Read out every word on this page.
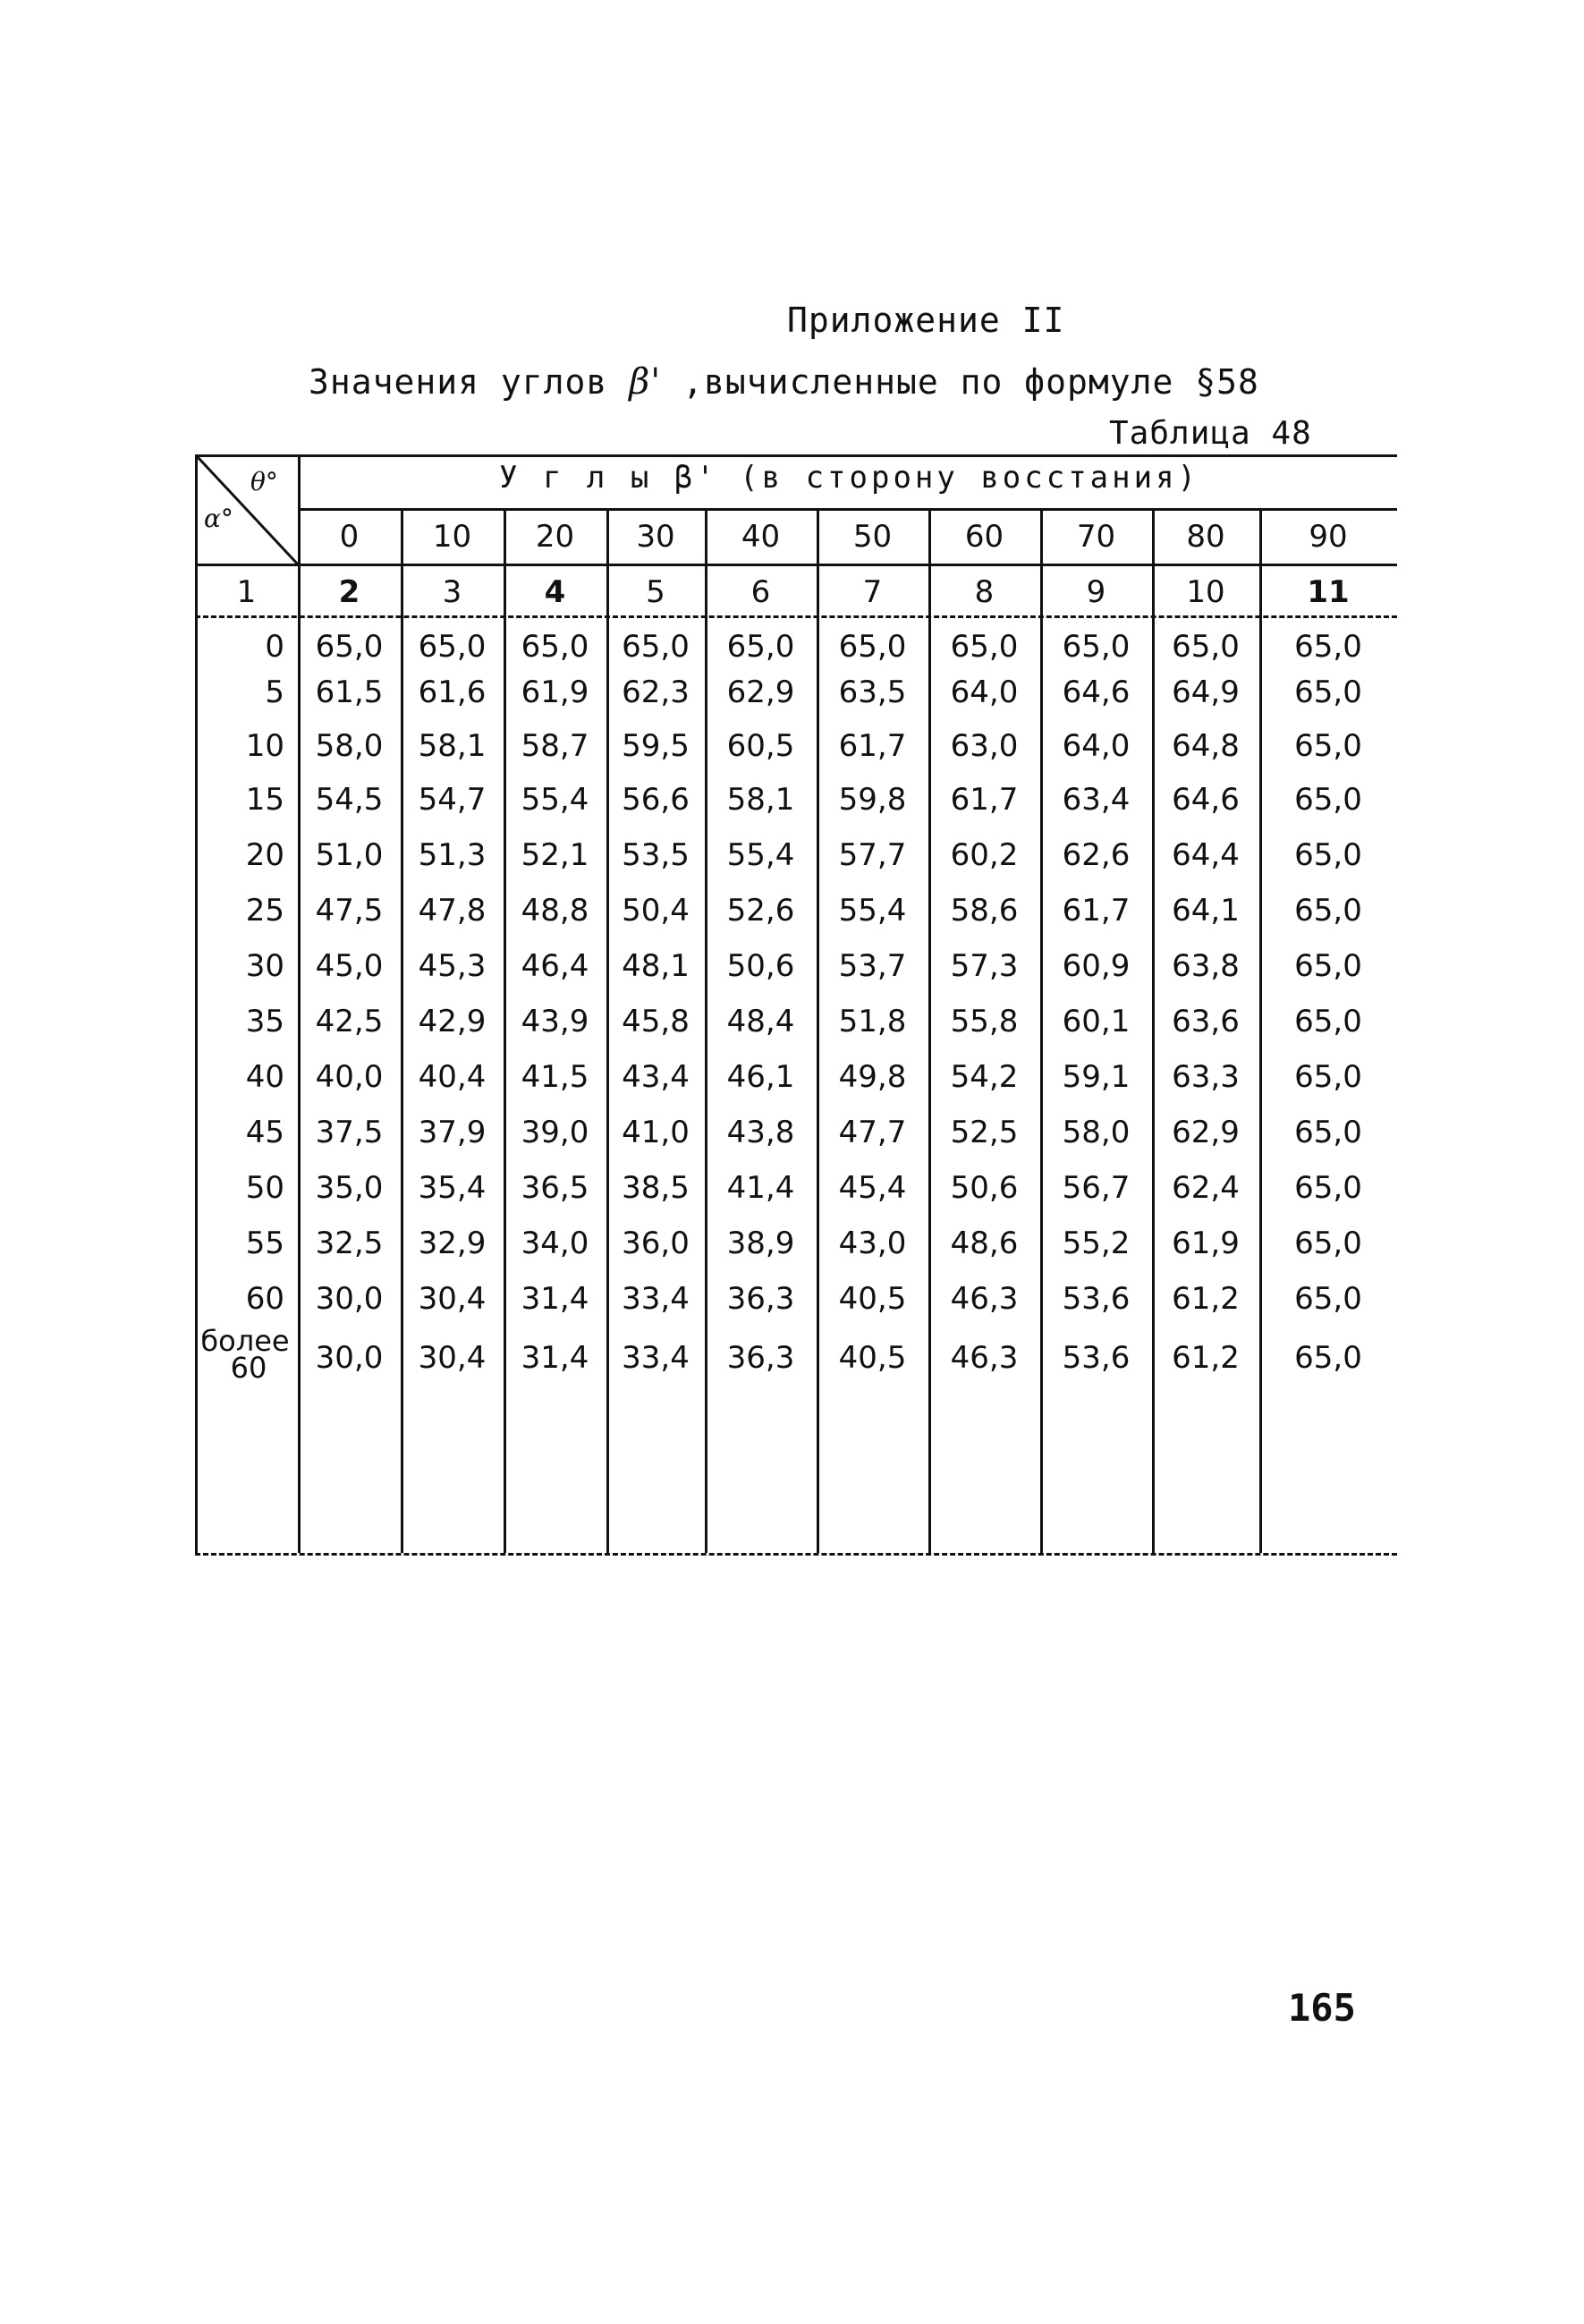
Приложение II
Значения углов β' ,вычисленные по формуле §58
Таблица 48
θ°
α°
У г л ы β' (в сторону восстания)
0	10	20	30	40	50	60	70	80	90
1	2	3	4	5	6	7	8	9	10	11
0	65,0	65,0	65,0	65,0	65,0	65,0	65,0	65,0	65,0	65,0
5	61,5	61,6	61,9	62,3	62,9	63,5	64,0	64,6	64,9	65,0
10	58,0	58,1	58,7	59,5	60,5	61,7	63,0	64,0	64,8	65,0
15	54,5	54,7	55,4	56,6	58,1	59,8	61,7	63,4	64,6	65,0
20	51,0	51,3	52,1	53,5	55,4	57,7	60,2	62,6	64,4	65,0
25	47,5	47,8	48,8	50,4	52,6	55,4	58,6	61,7	64,1	65,0
30	45,0	45,3	46,4	48,1	50,6	53,7	57,3	60,9	63,8	65,0
35	42,5	42,9	43,9	45,8	48,4	51,8	55,8	60,1	63,6	65,0
40	40,0	40,4	41,5	43,4	46,1	49,8	54,2	59,1	63,3	65,0
45	37,5	37,9	39,0	41,0	43,8	47,7	52,5	58,0	62,9	65,0
50	35,0	35,4	36,5	38,5	41,4	45,4	50,6	56,7	62,4	65,0
55	32,5	32,9	34,0	36,0	38,9	43,0	48,6	55,2	61,9	65,0
60	30,0	30,4	31,4	33,4	36,3	40,5	46,3	53,6	61,2	65,0
более
60	30,0	30,4	31,4	33,4	36,3	40,5	46,3	53,6	61,2	65,0
165
